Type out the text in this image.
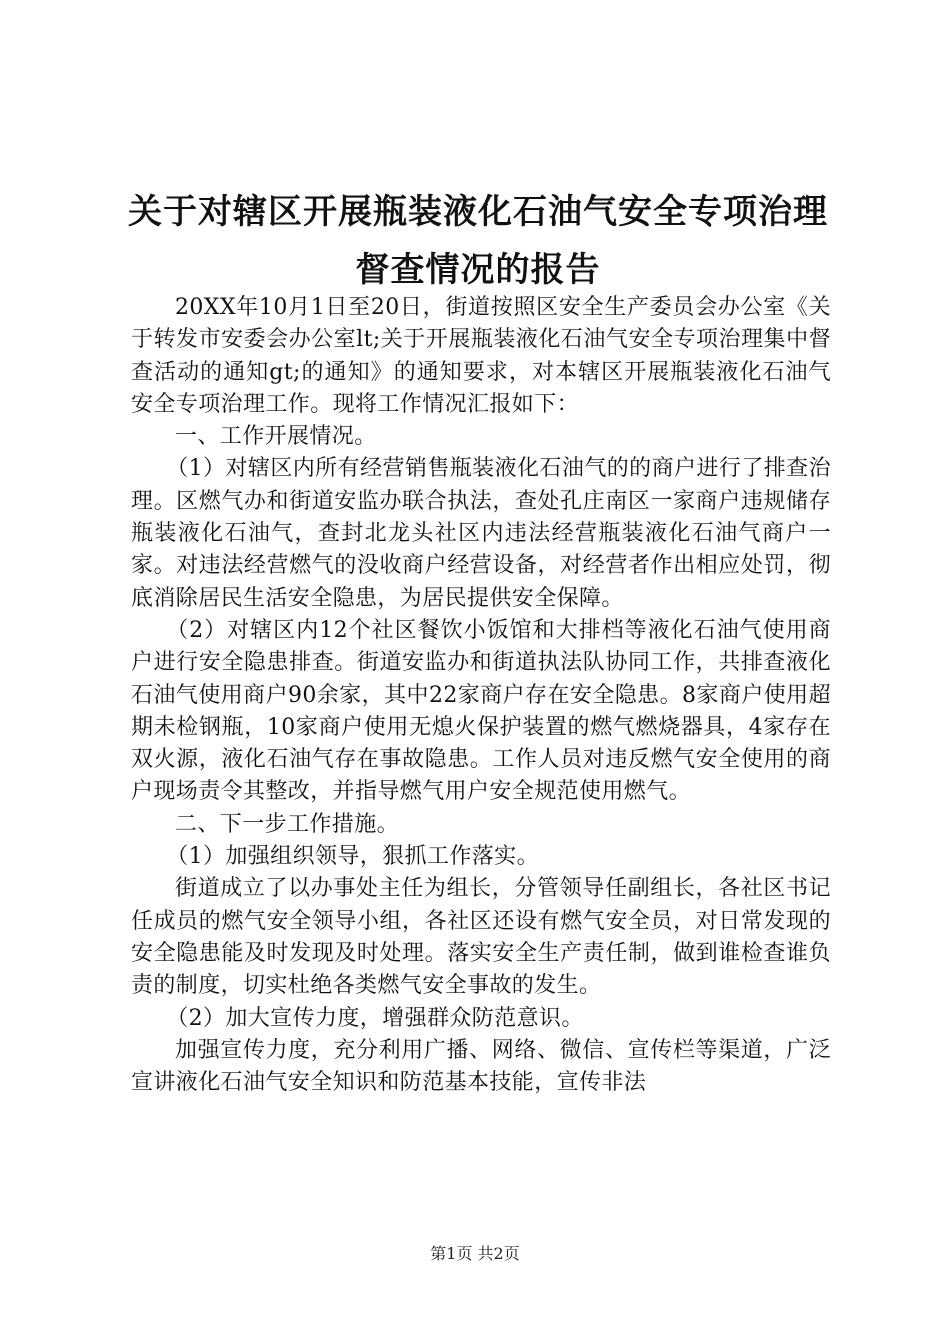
关于对辖区开展瓶装液化石油气安全专项治理
督查情况的报告

20XX年10月1日至20日，街道按照区安全生产委员会办公室《关于转发市安委会办公室lt;关于开展瓶装液化石油气安全专项治理集中督查活动的通知gt;的通知》的通知要求，对本辖区开展瓶装液化石油气安全专项治理工作。现将工作情况汇报如下：

一、工作开展情况。

（1）对辖区内所有经营销售瓶装液化石油气的的商户进行了排查治理。区燃气办和街道安监办联合执法，查处孔庄南区一家商户违规储存瓶装液化石油气，查封北龙头社区内违法经营瓶装液化石油气商户一家。对违法经营燃气的没收商户经营设备，对经营者作出相应处罚，彻底消除居民生活安全隐患，为居民提供安全保障。

（2）对辖区内12个社区餐饮小饭馆和大排档等液化石油气使用商户进行安全隐患排查。街道安监办和街道执法队协同工作，共排查液化石油气使用商户90余家，其中22家商户存在安全隐患。8家商户使用超期未检钢瓶，10家商户使用无熄火保护装置的燃气燃烧器具，4家存在双火源，液化石油气存在事故隐患。工作人员对违反燃气安全使用的商户现场责令其整改，并指导燃气用户安全规范使用燃气。

二、下一步工作措施。

（1）加强组织领导，狠抓工作落实。

街道成立了以办事处主任为组长，分管领导任副组长，各社区书记任成员的燃气安全领导小组，各社区还设有燃气安全员，对日常发现的安全隐患能及时发现及时处理。落实安全生产责任制，做到谁检查谁负责的制度，切实杜绝各类燃气安全事故的发生。

（2）加大宣传力度，增强群众防范意识。

加强宣传力度，充分利用广播、网络、微信、宣传栏等渠道，广泛宣讲液化石油气安全知识和防范基本技能，宣传非法

第1页 共2页
